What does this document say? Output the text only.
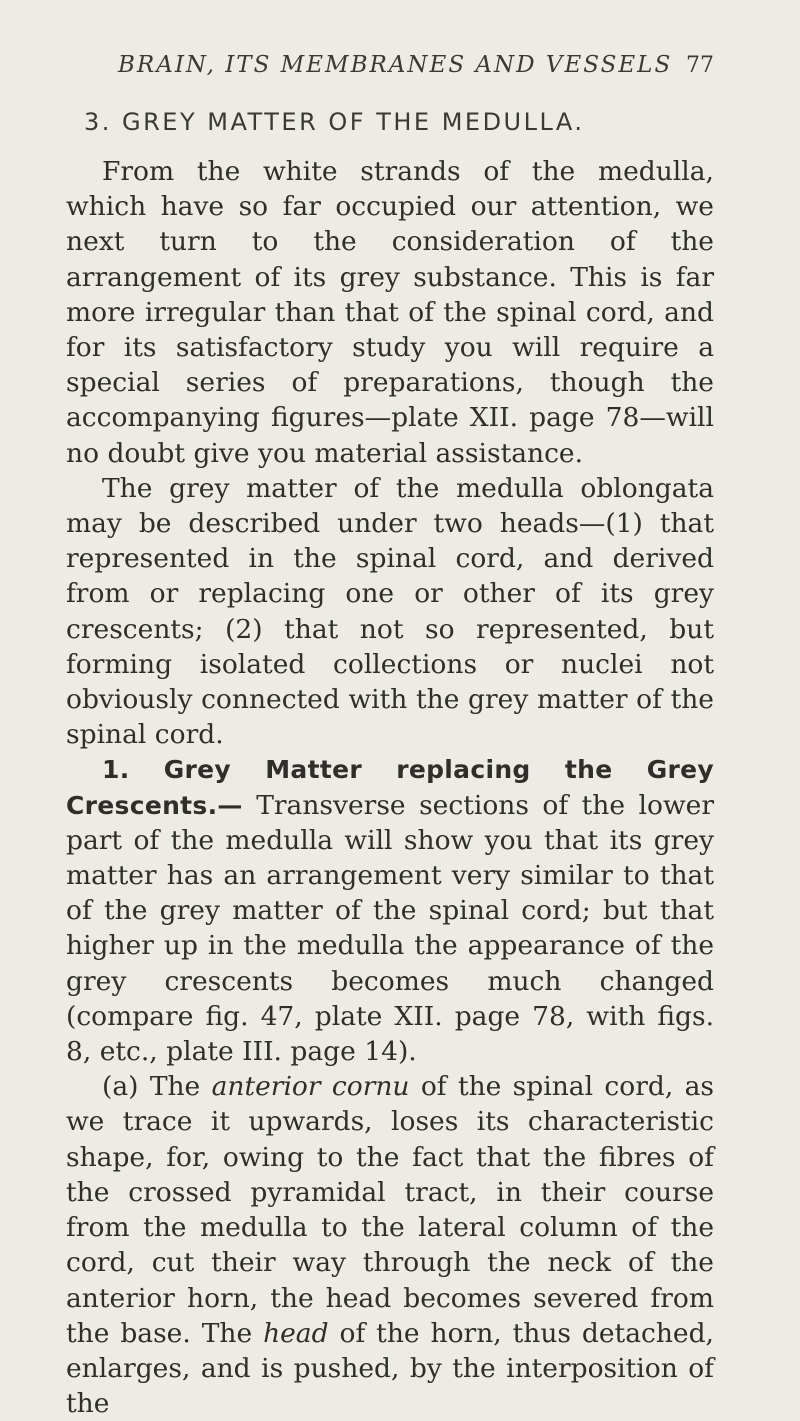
BRAIN, ITS MEMBRANES AND VESSELS 77
3. GREY MATTER OF THE MEDULLA.

From the white strands of the medulla, which have so far occupied our attention, we next turn to the consideration of the arrangement of its grey substance. This is far more irregular than that of the spinal cord, and for its satisfactory study you will require a special series of preparations, though the accompanying figures—plate XII. page 78—will no doubt give you material assistance.

The grey matter of the medulla oblongata may be described under two heads—(1) that represented in the spinal cord, and derived from or replacing one or other of its grey crescents; (2) that not so represented, but forming isolated collections or nuclei not obviously connected with the grey matter of the spinal cord.

1. Grey Matter replacing the Grey Crescents.— Transverse sections of the lower part of the medulla will show you that its grey matter has an arrangement very similar to that of the grey matter of the spinal cord; but that higher up in the medulla the appearance of the grey crescents becomes much changed (compare fig. 47, plate XII. page 78, with figs. 8, etc., plate III. page 14).

(a) The anterior cornu of the spinal cord, as we trace it upwards, loses its characteristic shape, for, owing to the fact that the fibres of the crossed pyramidal tract, in their course from the medulla to the lateral column of the cord, cut their way through the neck of the anterior horn, the head becomes severed from the base. The head of the horn, thus detached, enlarges, and is pushed, by the interposition of the
